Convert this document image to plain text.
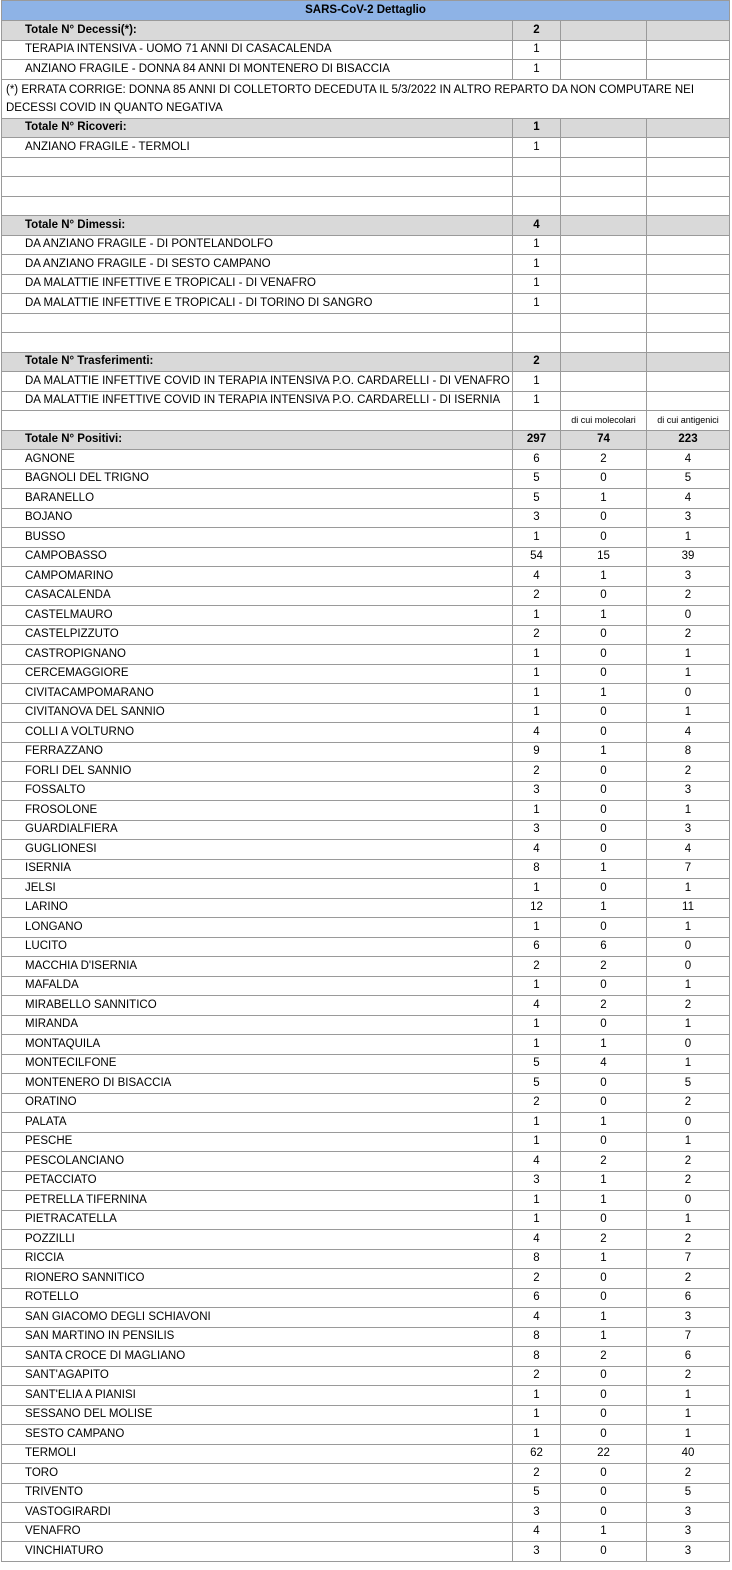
SARS-CoV-2 Dettaglio			
Totale N° Decessi(*):	2		
TERAPIA INTENSIVA - UOMO 71 ANNI DI CASACALENDA	1		
ANZIANO FRAGILE - DONNA 84 ANNI DI MONTENERO DI BISACCIA	1		
(*) ERRATA CORRIGE: DONNA 85 ANNI DI COLLETORTO DECEDUTA IL 5/3/2022 IN ALTRO REPARTO DA NON COMPUTARE NEI DECESSI COVID IN QUANTO NEGATIVA			
Totale N° Ricoveri:	1		
ANZIANO FRAGILE - TERMOLI	1		

Totale N° Dimessi:	4		
DA ANZIANO FRAGILE - DI PONTELANDOLFO	1		
DA ANZIANO FRAGILE - DI SESTO CAMPANO	1		
DA MALATTIE INFETTIVE E TROPICALI - DI VENAFRO	1		
DA MALATTIE INFETTIVE E TROPICALI - DI TORINO DI SANGRO	1		

Totale N° Trasferimenti:	2		
DA MALATTIE INFETTIVE COVID IN TERAPIA INTENSIVA P.O. CARDARELLI - DI VENAFRO	1		
DA MALATTIE INFETTIVE COVID IN TERAPIA INTENSIVA P.O. CARDARELLI - DI ISERNIA	1		
		di cui molecolari	di cui antigenici
Totale N° Positivi:	297	74	223
AGNONE	6	2	4
BAGNOLI DEL TRIGNO	5	0	5
BARANELLO	5	1	4
BOJANO	3	0	3
BUSSO	1	0	1
CAMPOBASSO	54	15	39
CAMPOMARINO	4	1	3
CASACALENDA	2	0	2
CASTELMAURO	1	1	0
CASTELPIZZUTO	2	0	2
CASTROPIGNANO	1	0	1
CERCEMAGGIORE	1	0	1
CIVITACAMPOMARANO	1	1	0
CIVITANOVA DEL SANNIO	1	0	1
COLLI A VOLTURNO	4	0	4
FERRAZZANO	9	1	8
FORLI DEL SANNIO	2	0	2
FOSSALTO	3	0	3
FROSOLONE	1	0	1
GUARDIALFIERA	3	0	3
GUGLIONESI	4	0	4
ISERNIA	8	1	7
JELSI	1	0	1
LARINO	12	1	11
LONGANO	1	0	1
LUCITO	6	6	0
MACCHIA D'ISERNIA	2	2	0
MAFALDA	1	0	1
MIRABELLO SANNITICO	4	2	2
MIRANDA	1	0	1
MONTAQUILA	1	1	0
MONTECILFONE	5	4	1
MONTENERO DI BISACCIA	5	0	5
ORATINO	2	0	2
PALATA	1	1	0
PESCHE	1	0	1
PESCOLANCIANO	4	2	2
PETACCIATO	3	1	2
PETRELLA TIFERNINA	1	1	0
PIETRACATELLA	1	0	1
POZZILLI	4	2	2
RICCIA	8	1	7
RIONERO SANNITICO	2	0	2
ROTELLO	6	0	6
SAN GIACOMO DEGLI SCHIAVONI	4	1	3
SAN MARTINO IN PENSILIS	8	1	7
SANTA CROCE DI MAGLIANO	8	2	6
SANT'AGAPITO	2	0	2
SANT'ELIA A PIANISI	1	0	1
SESSANO DEL MOLISE	1	0	1
SESTO CAMPANO	1	0	1
TERMOLI	62	22	40
TORO	2	0	2
TRIVENTO	5	0	5
VASTOGIRARDI	3	0	3
VENAFRO	4	1	3
VINCHIATURO	3	0	3
